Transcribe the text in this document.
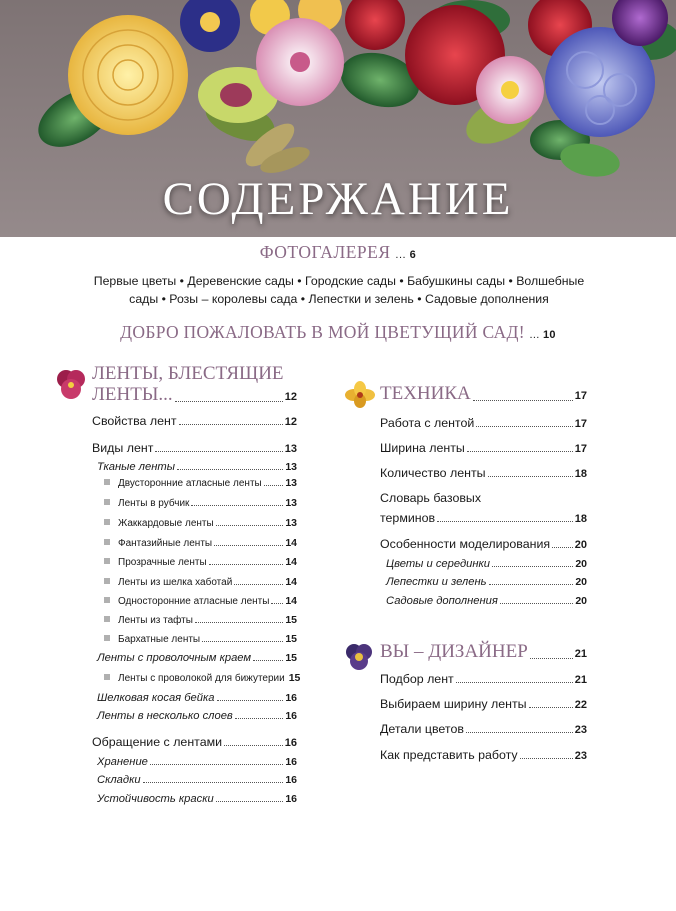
СОДЕРЖАНИЕ
ФОТОГАЛЕРЕЯ ... 6
Первые цветы • Деревенские сады • Городские сады • Бабушкины сады • Волшебные
сады • Розы – королевы сада • Лепестки и зелень • Садовые дополнения
ДОБРО ПОЖАЛОВАТЬ В МОЙ ЦВЕТУЩИЙ САД! ... 10
ЛЕНТЫ, БЛЕСТЯЩИЕ
ЛЕНТЫ...	12
Свойства лент	12
Виды лент	13
Тканые ленты	13
Двусторонние атласные ленты 13
Ленты в рубчик	13
Жаккардовые ленты	13
Фантазийные ленты	14
Прозрачные ленты	14
Ленты из шелка хаботай	14
Односторонние атласные ленты 14
Ленты из тафты	15
Бархатные ленты	15
Ленты с проволочным краем	15
Ленты с проволокой для бижутерии 15
Шелковая косая бейка	16
Ленты в несколько слоев	16
Обращение с лентами	16
Хранение	16
Складки	16
Устойчивость краски	16
ТЕХНИКА	17
Работа с лентой	17
Ширина ленты	17
Количество ленты	18
Словарь базовых
терминов	18
Особенности моделирования 20
Цветы и серединки	20
Лепестки и зелень	20
Садовые дополнения	20
ВЫ – ДИЗАЙНЕР	21
Подбор лент	21
Выбираем ширину ленты	22
Детали цветов	23
Как представить работу	23
